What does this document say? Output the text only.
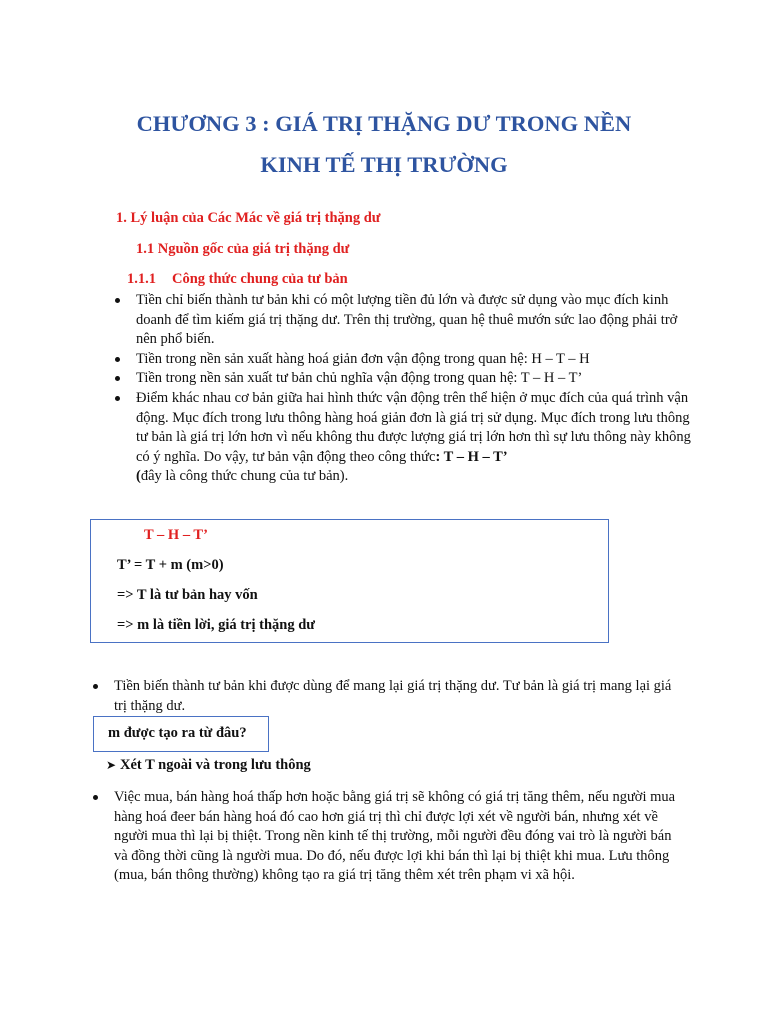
CHƯƠNG 3 : GIÁ TRỊ THẶNG DƯ TRONG NỀN
KINH TẾ THỊ TRƯỜNG
1. Lý luận của Các Mác về giá trị thặng dư
1.1 Nguồn gốc của giá trị thặng dư
1.1.1 Công thức chung của tư bản
Tiền chỉ biến thành tư bản khi có một lượng tiền đủ lớn và được sử dụng vào mục đích kinh doanh để tìm kiếm giá trị thặng dư. Trên thị trường, quan hệ thuê mướn sức lao động phải trở nên phổ biến.
Tiền trong nền sản xuất hàng hoá giản đơn vận động trong quan hệ: H – T – H
Tiền trong nền sản xuất tư bản chủ nghĩa vận động trong quan hệ: T – H – T’
Điểm khác nhau cơ bản giữa hai hình thức vận động trên thể hiện ở mục đích của quá trình vận động. Mục đích trong lưu thông hàng hoá giản đơn là giá trị sử dụng. Mục đích trong lưu thông tư bản là giá trị lớn hơn vì nếu không thu được lượng giá trị lớn hơn thì sự lưu thông này không có ý nghĩa. Do vậy, tư bản vận động theo công thức: T – H – T’
(đây là công thức chung của tư bản).
T – H – T’
T’ = T + m (m>0)
=> T là tư bản hay vốn
=> m là tiền lời, giá trị thặng dư
Tiền biến thành tư bản khi được dùng để mang lại giá trị thặng dư. Tư bản là giá trị mang lại giá trị thặng dư.
m được tạo ra từ đâu?
➤ Xét T ngoài và trong lưu thông
Việc mua, bán hàng hoá thấp hơn hoặc bằng giá trị sẽ không có giá trị tăng thêm, nếu người mua hàng hoá đeer bán hàng hoá đó cao hơn giá trị thì chỉ được lợi xét về người bán, nhưng xét về người mua thì lại bị thiệt. Trong nền kinh tế thị trường, mỗi người đều đóng vai trò là người bán và đồng thời cũng là người mua. Do đó, nếu được lợi khi bán thì lại bị thiệt khi mua. Lưu thông (mua, bán thông thường) không tạo ra giá trị tăng thêm xét trên phạm vi xã hội.
